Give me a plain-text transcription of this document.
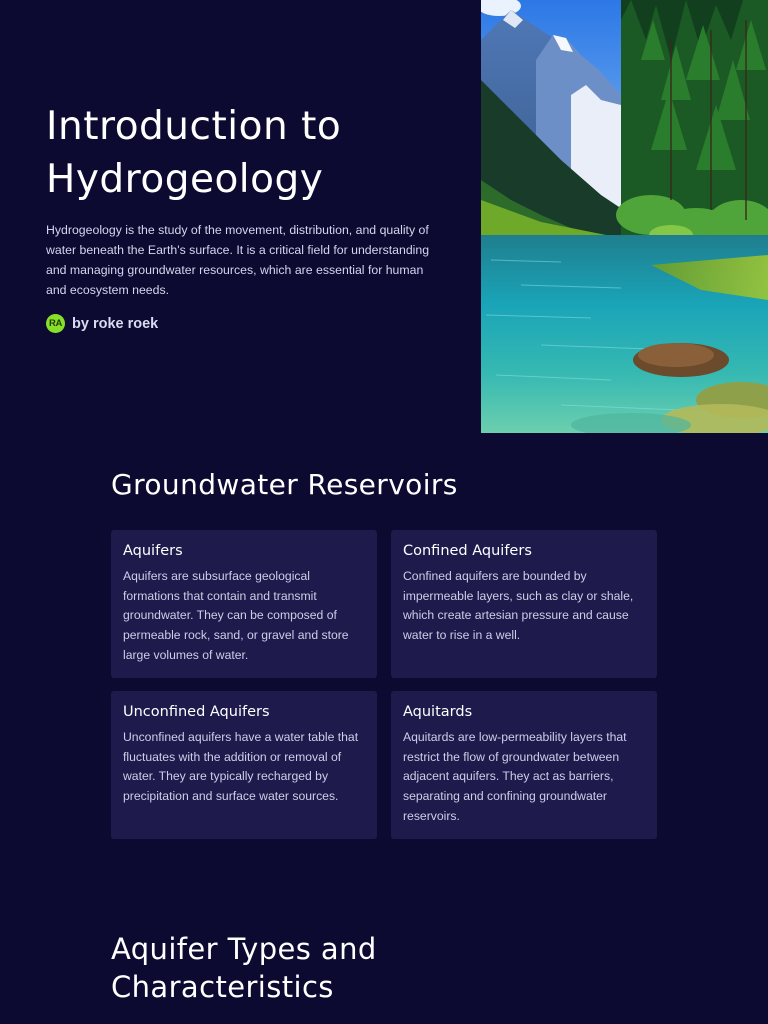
Introduction to Hydrogeology

Hydrogeology is the study of the movement, distribution, and quality of water beneath the Earth's surface. It is a critical field for understanding and managing groundwater resources, which are essential for human and ecosystem needs.

RA by roke roek
Groundwater Reservoirs
Aquifers

Aquifers are subsurface geological formations that contain and transmit groundwater. They can be composed of permeable rock, sand, or gravel and store large volumes of water.

Confined Aquifers

Confined aquifers are bounded by impermeable layers, such as clay or shale, which create artesian pressure and cause water to rise in a well.

Unconfined Aquifers

Unconfined aquifers have a water table that fluctuates with the addition or removal of water. They are typically recharged by precipitation and surface water sources.

Aquitards

Aquitards are low-permeability layers that restrict the flow of groundwater between adjacent aquifers. They act as barriers, separating and confining groundwater reservoirs.

Aquifer Types and Characteristics
